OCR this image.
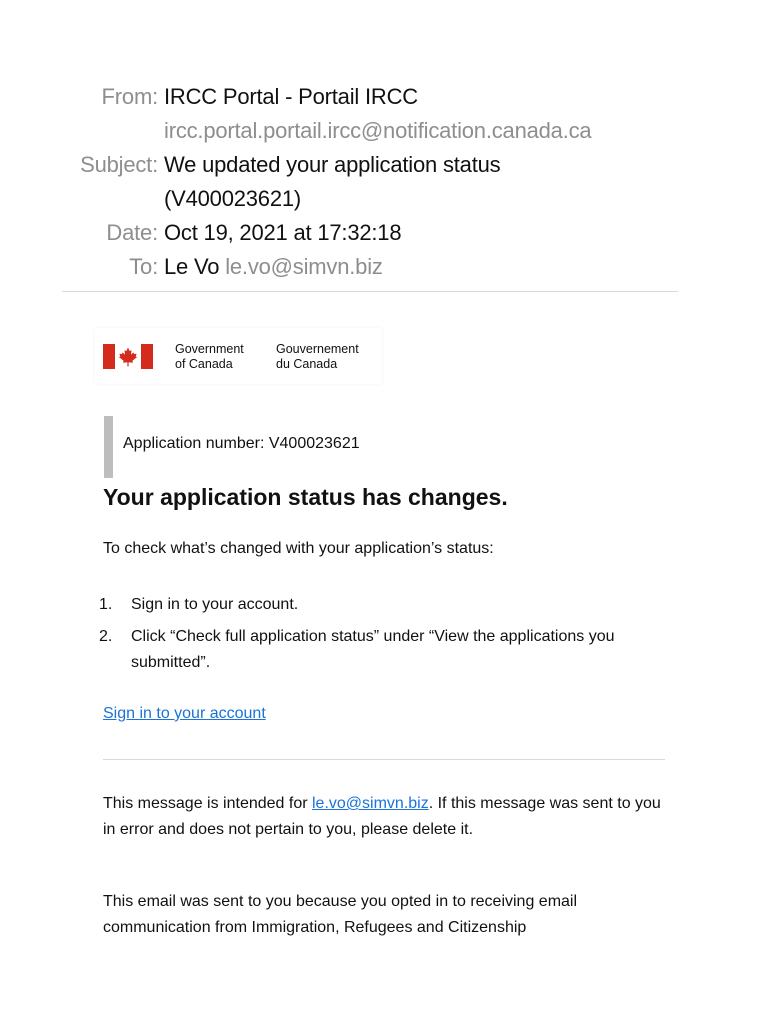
From: IRCC Portal - Portail IRCC
ircc.portal.portail.ircc@notification.canada.ca
Subject: We updated your application status
(V400023621)
Date: Oct 19, 2021 at 17:32:18
To: Le Vo le.vo@simvn.biz
Government
of Canada
Gouvernement
du Canada
Application number: V400023621
Your application status has changes.
To check what’s changed with your application’s status:
1. Sign in to your account.
2. Click “Check full application status” under “View the applications you submitted”.
Sign in to your account

This message is intended for le.vo@simvn.biz. If this message was sent to you in error and does not pertain to you, please delete it.

This email was sent to you because you opted in to receiving email communication from Immigration, Refugees and Citizenship
